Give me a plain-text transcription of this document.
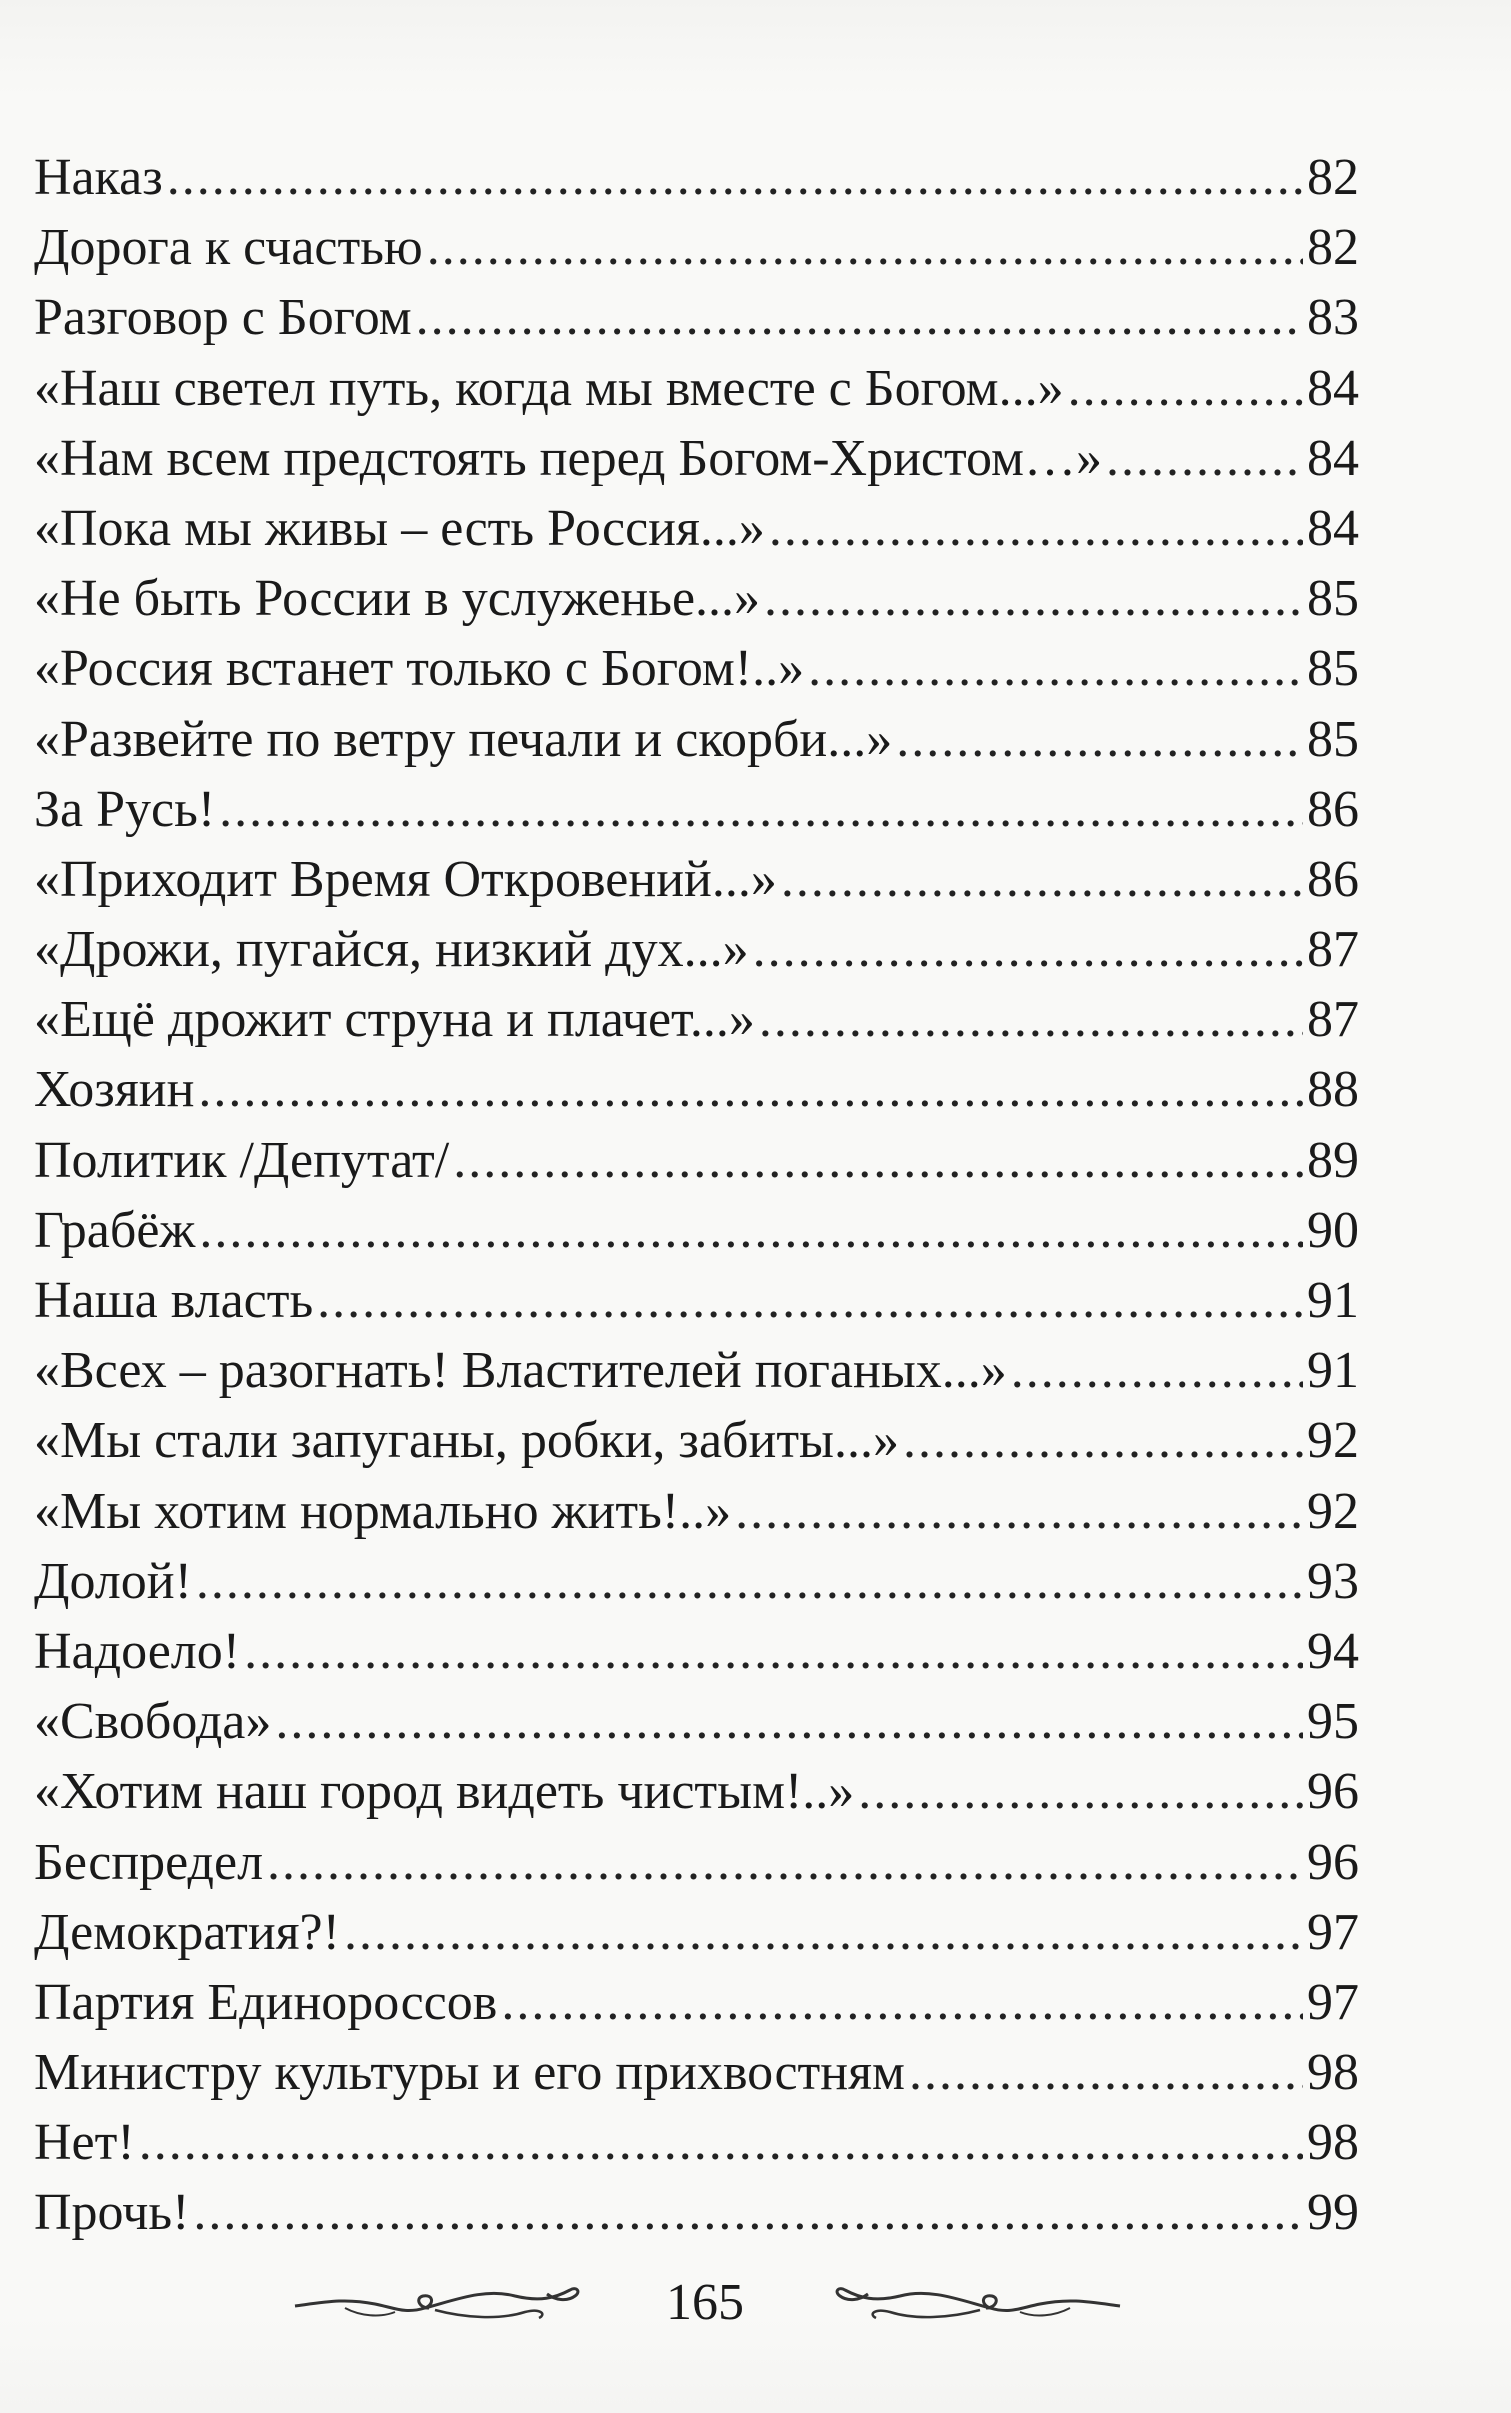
Наказ .....	82
Дорога к счастью .....	82
Разговор с Богом .....	83
«Наш светел путь, когда мы вместе с Богом...» .....	84
«Нам всем предстоять перед Богом-Христом…» .....	84
«Пока мы живы – есть Россия...» .....	84
«Не быть России в услуженье...» .....	85
«Россия встанет только с Богом!..» .....	85
«Развейте по ветру печали и скорби...» .....	85
За Русь! .....	86
«Приходит Время Откровений...» .....	86
«Дрожи, пугайся, низкий дух...» .....	87
«Ещё дрожит струна и плачет...» .....	87
Хозяин .....	88
Политик /Депутат/ .....	89
Грабёж .....	90
Наша власть .....	91
«Всех – разогнать! Властителей поганых...» .....	91
«Мы стали запуганы, робки, забиты...» .....	92
«Мы хотим нормально жить!..» .....	92
Долой! .....	93
Надоело! .....	94
«Свобода» .....	95
«Хотим наш город видеть чистым!..» .....	96
Беспредел .....	96
Демократия?! .....	97
Партия Единороссов .....	97
Министру культуры и его прихвостням .....	98
Нет! .....	98
Прочь! .....	99
165
